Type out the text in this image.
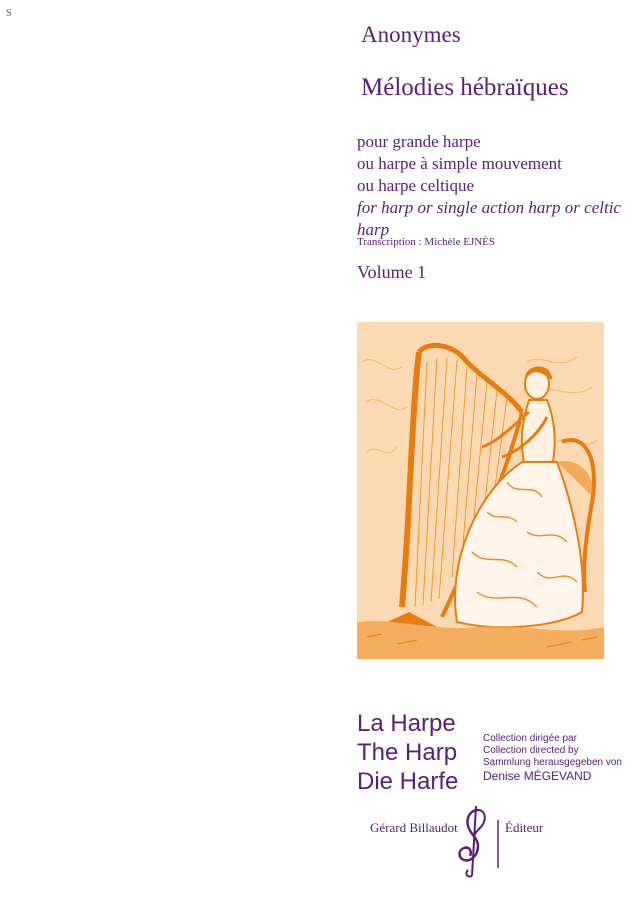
S
Anonymes
Mélodies hébraïques
pour grande harpe
ou harpe à simple mouvement
ou harpe celtique
for harp or single action harp or celtic harp
Transcription : Michèle EJNÈS
Volume 1
La Harpe
The Harp
Die Harfe
Collection dirigée par
Collection directed by
Sammlung herausgegeben von
Denise MÉGEVAND
Gérard Billaudot	Éditeur
